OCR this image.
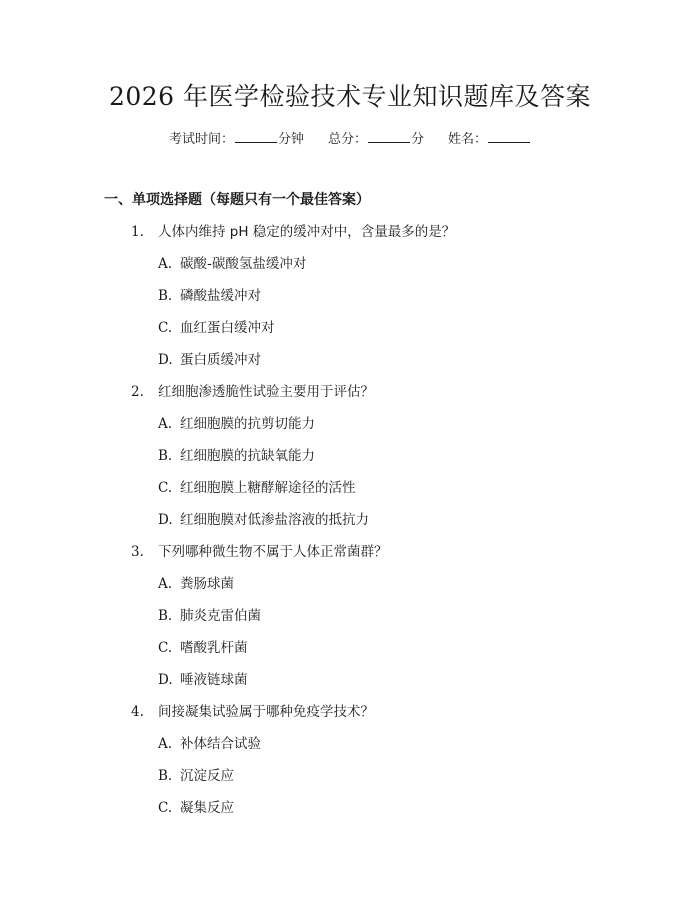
2026 年医学检验技术专业知识题库及答案
考试时间：	分钟 总分：	分 姓名：
一、单项选择题（每题只有一个最佳答案）
1. 人体内维持 pH 稳定的缓冲对中，含量最多的是？
A. 碳酸-碳酸氢盐缓冲对
B. 磷酸盐缓冲对
C. 血红蛋白缓冲对
D. 蛋白质缓冲对
2. 红细胞渗透脆性试验主要用于评估？
A. 红细胞膜的抗剪切能力
B. 红细胞膜的抗缺氧能力
C. 红细胞膜上糖酵解途径的活性
D. 红细胞膜对低渗盐溶液的抵抗力
3. 下列哪种微生物不属于人体正常菌群？
A. 粪肠球菌
B. 肺炎克雷伯菌
C. 嗜酸乳杆菌
D. 唾液链球菌
4. 间接凝集试验属于哪种免疫学技术？
A. 补体结合试验
B. 沉淀反应
C. 凝集反应
